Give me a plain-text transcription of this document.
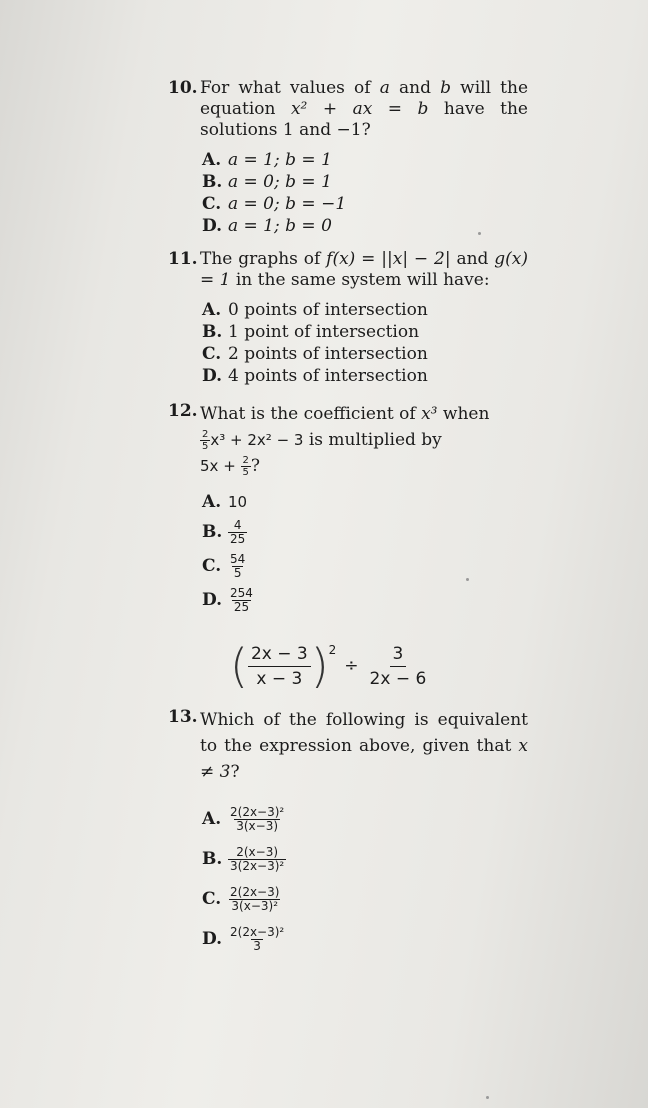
10. For what values of a and b will the equation x² + ax = b have the solutions 1 and −1?
A. a = 1; b = 1
B. a = 0; b = 1
C. a = 0; b = −1
D. a = 1; b = 0
11. The graphs of f(x) = ||x| − 2| and g(x) = 1 in the same system will have:
A. 0 points of intersection
B. 1 point of intersection
C. 2 points of intersection
D. 4 points of intersection
12. What is the coefficient of x³ when

$\frac{2}{5} x^3 + 2x^2 - 3$ is multiplied by
$5x + \frac{2}{5}$ ?
A. 10
B. $\frac{4}{25}$
C. $\frac{54}{5}$
D. $\frac{254}{25}$
( 2x − 3
x − 3 ) 2
÷ $\frac{3}{2x - 6}$
13. Which of the following is equivalent to the expression above, given that x ≠ 3?
A. $\frac{\text{2(2x−3)²}}{3(x-3)}$
B. $\frac{2(x-3)}{\text{3(2x−3)²}}$
C. $\frac{2(2x-3)}{\text{3(x−3)²}}$
D. $\frac{\text{2(2x−3)²}}{3}$
